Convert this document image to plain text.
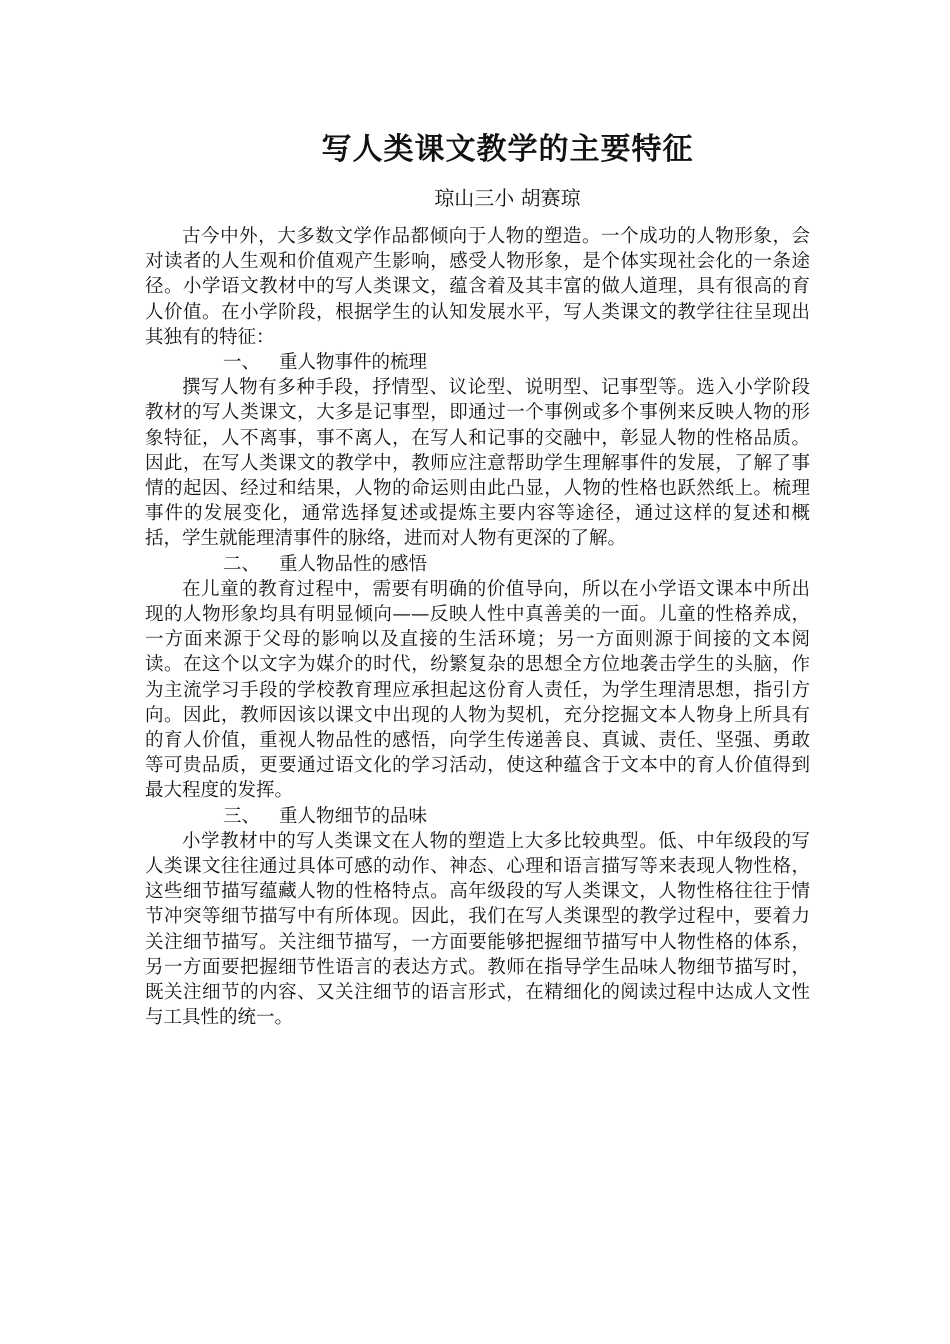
写人类课文教学的主要特征
琼山三小 胡赛琼

古今中外，大多数文学作品都倾向于人物的塑造。一个成功的人物形象，会对读者的人生观和价值观产生影响，感受人物形象，是个体实现社会化的一条途径。小学语文教材中的写人类课文，蕴含着及其丰富的做人道理，具有很高的育人价值。在小学阶段，根据学生的认知发展水平，写人类课文的教学往往呈现出其独有的特征：

一、 重人物事件的梳理

撰写人物有多种手段，抒情型、议论型、说明型、记事型等。选入小学阶段教材的写人类课文，大多是记事型，即通过一个事例或多个事例来反映人物的形象特征，人不离事，事不离人，在写人和记事的交融中，彰显人物的性格品质。因此，在写人类课文的教学中，教师应注意帮助学生理解事件的发展，了解了事情的起因、经过和结果，人物的命运则由此凸显，人物的性格也跃然纸上。梳理事件的发展变化，通常选择复述或提炼主要内容等途径，通过这样的复述和概括，学生就能理清事件的脉络，进而对人物有更深的了解。

二、 重人物品性的感悟

在儿童的教育过程中，需要有明确的价值导向，所以在小学语文课本中所出现的人物形象均具有明显倾向——反映人性中真善美的一面。儿童的性格养成，一方面来源于父母的影响以及直接的生活环境；另一方面则源于间接的文本阅读。在这个以文字为媒介的时代，纷繁复杂的思想全方位地袭击学生的头脑，作为主流学习手段的学校教育理应承担起这份育人责任，为学生理清思想，指引方向。因此，教师因该以课文中出现的人物为契机，充分挖掘文本人物身上所具有的育人价值，重视人物品性的感悟，向学生传递善良、真诚、责任、坚强、勇敢等可贵品质，更要通过语文化的学习活动，使这种蕴含于文本中的育人价值得到最大程度的发挥。

三、 重人物细节的品味

小学教材中的写人类课文在人物的塑造上大多比较典型。低、中年级段的写人类课文往往通过具体可感的动作、神态、心理和语言描写等来表现人物性格，这些细节描写蕴藏人物的性格特点。高年级段的写人类课文，人物性格往往于情节冲突等细节描写中有所体现。因此，我们在写人类课型的教学过程中，要着力关注细节描写。关注细节描写，一方面要能够把握细节描写中人物性格的体系，另一方面要把握细节性语言的表达方式。教师在指导学生品味人物细节描写时，既关注细节的内容、又关注细节的语言形式，在精细化的阅读过程中达成人文性与工具性的统一。
